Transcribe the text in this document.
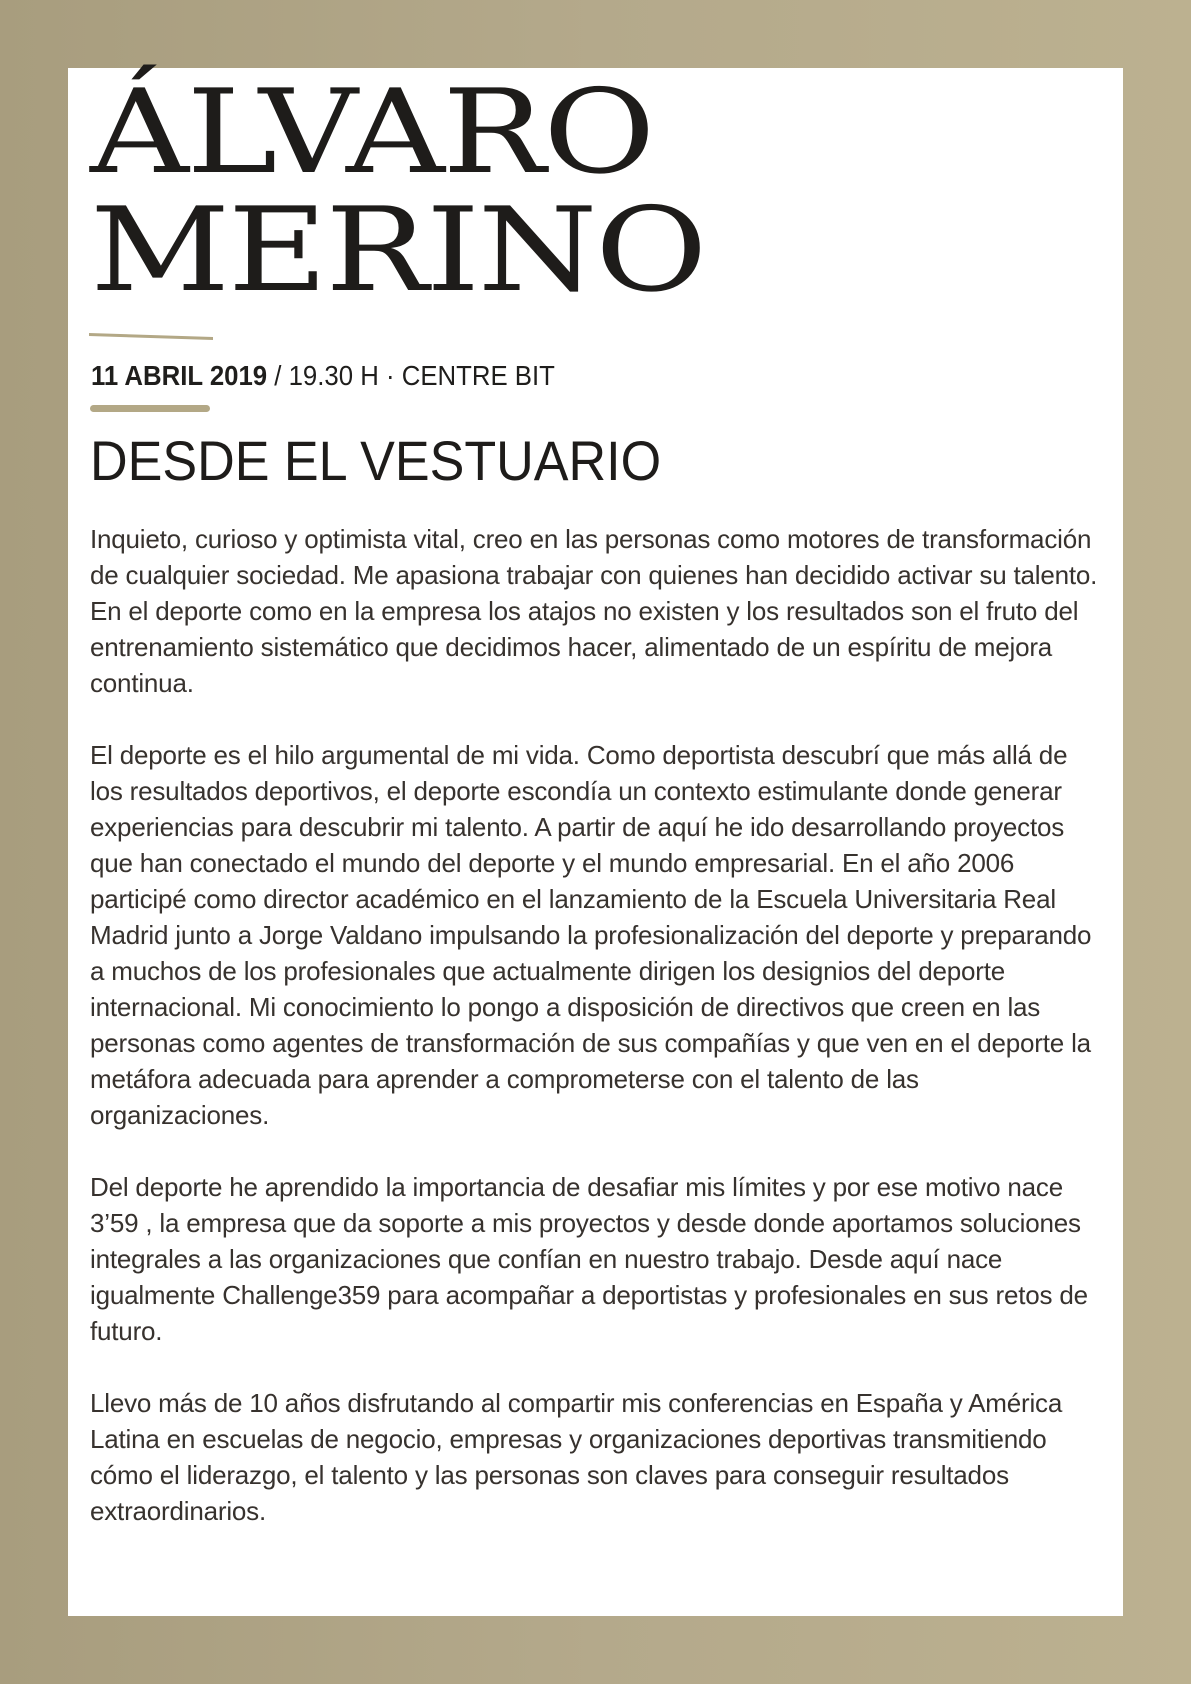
ÁLVARO
MERINO

11 ABRIL 2019 / 19.30 H · CENTRE BIT

DESDE EL VESTUARIO

Inquieto, curioso y optimista vital, creo en las personas como motores de transformación de cualquier sociedad. Me apasiona trabajar con quienes han decidido activar su talento. En el deporte como en la empresa los atajos no existen y los resultados son el fruto del entrenamiento sistemático que decidimos hacer, alimentado de un espíritu de mejora continua.

El deporte es el hilo argumental de mi vida. Como deportista descubrí que más allá de los resultados deportivos, el deporte escondía un contexto estimulante donde generar experiencias para descubrir mi talento. A partir de aquí he ido desarrollando proyectos que han conectado el mundo del deporte y el mundo empresarial. En el año 2006 participé como director académico en el lanzamiento de la Escuela Universitaria Real Madrid junto a Jorge Valdano impulsando la profesionalización del deporte y preparando a muchos de los profesionales que actualmente dirigen los designios del deporte internacional. Mi conocimiento lo pongo a disposición de directivos que creen en las personas como agentes de transformación de sus compañías y que ven en el deporte la metáfora adecuada para aprender a comprometerse con el talento de las organizaciones.

Del deporte he aprendido la importancia de desafiar mis límites y por ese motivo nace 3’59 , la empresa que da soporte a mis proyectos y desde donde aportamos soluciones integrales a las organizaciones que confían en nuestro trabajo. Desde aquí nace igualmente Challenge359 para acompañar a deportistas y profesionales en sus retos de futuro.

Llevo más de 10 años disfrutando al compartir mis conferencias en España y América Latina en escuelas de negocio, empresas y organizaciones deportivas transmitiendo cómo el liderazgo, el talento y las personas son claves para conseguir resultados extraordinarios.
